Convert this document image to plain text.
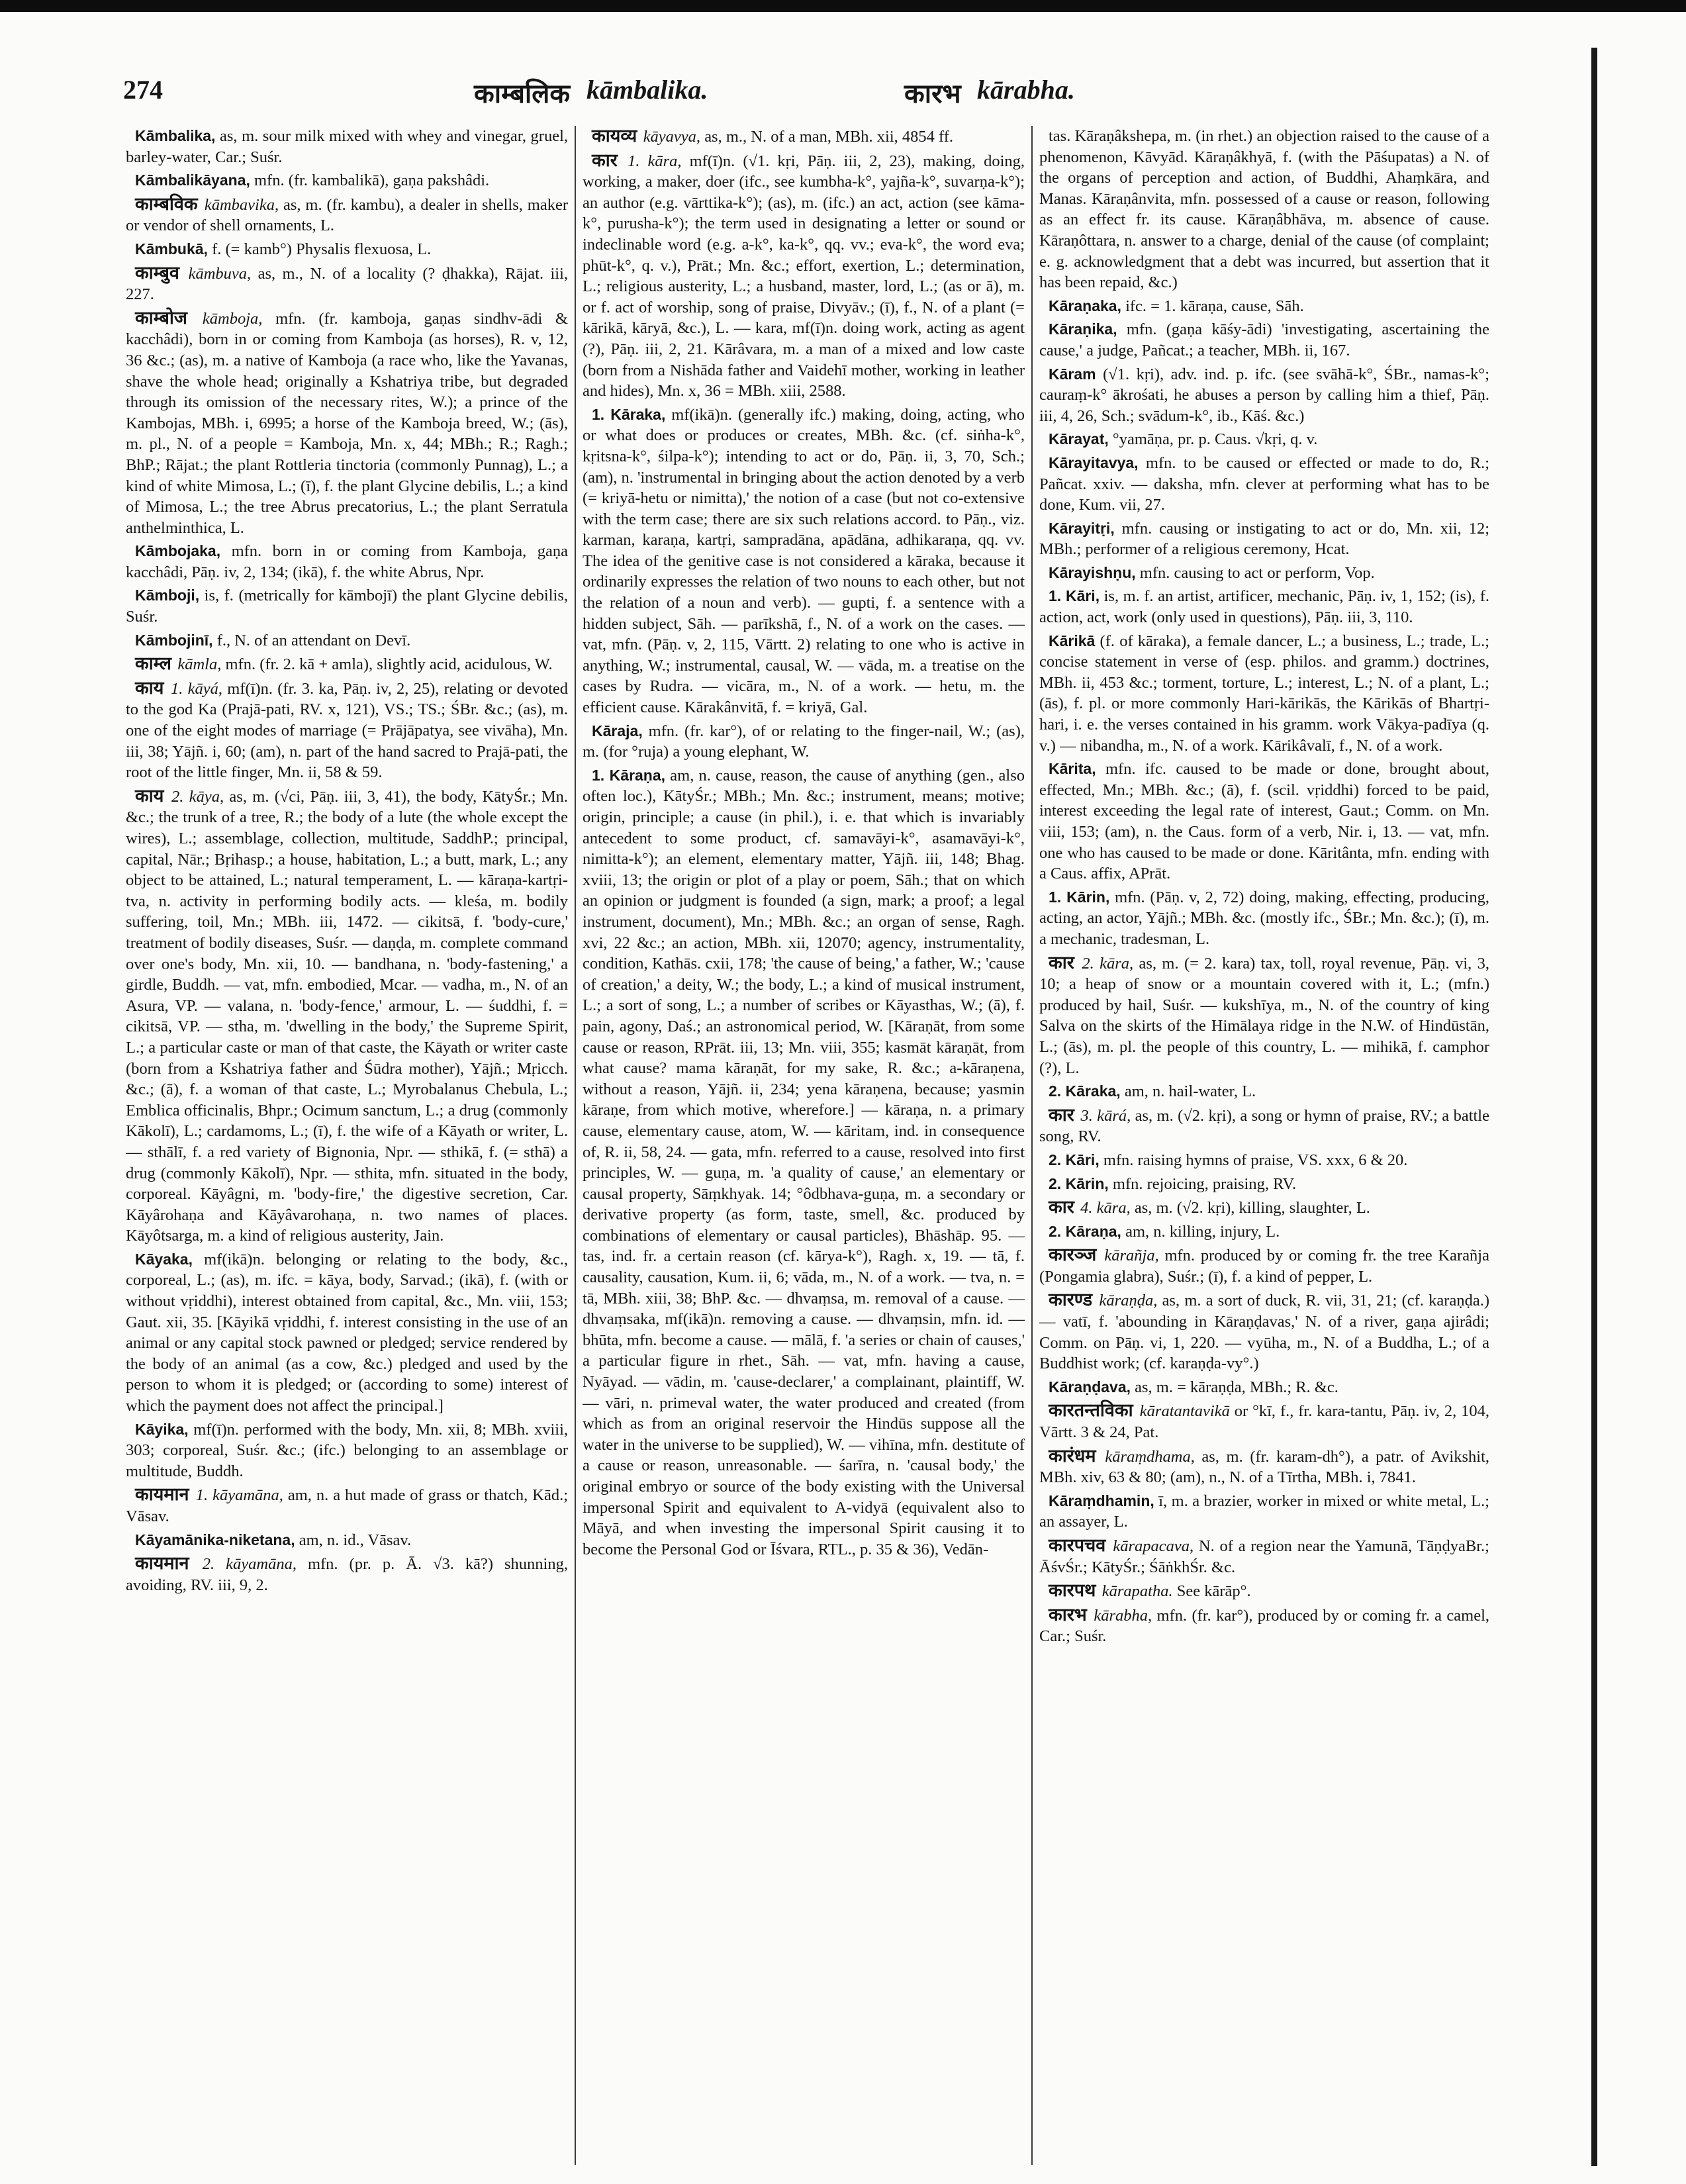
274	काम्बलिक kāmbalika.	कारभ kārabha.

Kāmbalika, as, m. sour milk mixed with whey and vinegar, gruel, barley-water, Car.; Suśr.

Kāmbalikāyana, mfn. (fr. kambalikā), gaṇa pakshâdi.

काम्बविक kāmbavika, as, m. (fr. kambu), a dealer in shells, maker or vendor of shell ornaments, L.

Kāmbukā, f. (= kamb°) Physalis flexuosa, L.

काम्बुव kāmbuva, as, m., N. of a locality (? ḍhakka), Rājat. iii, 227.

काम्बोज kāmboja, mfn. (fr. kamboja, gaṇas sindhv-ādi & kacchâdi), born in or coming from Kamboja (as horses), R. v, 12, 36 &c.; (as), m. a native of Kamboja (a race who, like the Yavanas, shave the whole head; originally a Kshatriya tribe, but degraded through its omission of the necessary rites, W.); a prince of the Kambojas, MBh. i, 6995; a horse of the Kamboja breed, W.; (ās), m. pl., N. of a people = Kamboja, Mn. x, 44; MBh.; R.; Ragh.; BhP.; Rājat.; the plant Rottleria tinctoria (commonly Punnag), L.; a kind of white Mimosa, L.; (ī), f. the plant Glycine debilis, L.; a kind of Mimosa, L.; the tree Abrus precatorius, L.; the plant Serratula anthelminthica, L.

Kāmbojaka, mfn. born in or coming from Kamboja, gaṇa kacchâdi, Pāṇ. iv, 2, 134; (ikā), f. the white Abrus, Npr.

Kāmboji, is, f. (metrically for kāmbojī) the plant Glycine debilis, Suśr.

Kāmbojinī, f., N. of an attendant on Devī.

काम्ल kāmla, mfn. (fr. 2. kā + amla), slightly acid, acidulous, W.

काय 1. kāyá, mf(ī)n. (fr. 3. ka, Pāṇ. iv, 2, 25), relating or devoted to the god Ka (Prajā-pati, RV. x, 121), VS.; TS.; ŚBr. &c.; (as), m. one of the eight modes of marriage (= Prājāpatya, see vivāha), Mn. iii, 38; Yājñ. i, 60; (am), n. part of the hand sacred to Prajā-pati, the root of the little finger, Mn. ii, 58 & 59.

काय 2. kāya, as, m. (√ci, Pāṇ. iii, 3, 41), the body, KātyŚr.; Mn. &c.; the trunk of a tree, R.; the body of a lute (the whole except the wires), L.; assemblage, collection, multitude, SaddhP.; principal, capital, Nār.; Bṛihasp.; a house, habitation, L.; a butt, mark, L.; any object to be attained, L.; natural temperament, L. — kāraṇa-kartṛi-tva, n. activity in performing bodily acts. — kleśa, m. bodily suffering, toil, Mn.; MBh. iii, 1472. — cikitsā, f. 'body-cure,' treatment of bodily diseases, Suśr. — daṇḍa, m. complete command over one's body, Mn. xii, 10. — bandhana, n. 'body-fastening,' a girdle, Buddh. — vat, mfn. embodied, Mcar. — vadha, m., N. of an Asura, VP. — valana, n. 'body-fence,' armour, L. — śuddhi, f. = cikitsā, VP. — stha, m. 'dwelling in the body,' the Supreme Spirit, L.; a particular caste or man of that caste, the Kāyath or writer caste (born from a Kshatriya father and Śūdra mother), Yājñ.; Mṛicch. &c.; (ā), f. a woman of that caste, L.; Myrobalanus Chebula, L.; Emblica officinalis, Bhpr.; Ocimum sanctum, L.; a drug (commonly Kākolī), L.; cardamoms, L.; (ī), f. the wife of a Kāyath or writer, L. — sthālī, f. a red variety of Bignonia, Npr. — sthikā, f. (= sthā) a drug (commonly Kākolī), Npr. — sthita, mfn. situated in the body, corporeal. Kāyâgni, m. 'body-fire,' the digestive secretion, Car. Kāyârohaṇa and Kāyâvarohaṇa, n. two names of places. Kāyôtsarga, m. a kind of religious austerity, Jain.

Kāyaka, mf(ikā)n. belonging or relating to the body, &c., corporeal, L.; (as), m. ifc. = kāya, body, Sarvad.; (ikā), f. (with or without vṛiddhi), interest obtained from capital, &c., Mn. viii, 153; Gaut. xii, 35. [Kāyikā vṛiddhi, f. interest consisting in the use of an animal or any capital stock pawned or pledged; service rendered by the body of an animal (as a cow, &c.) pledged and used by the person to whom it is pledged; or (according to some) interest of which the payment does not affect the principal.]

Kāyika, mf(ī)n. performed with the body, Mn. xii, 8; MBh. xviii, 303; corporeal, Suśr. &c.; (ifc.) belonging to an assemblage or multitude, Buddh.

कायमान 1. kāyamāna, am, n. a hut made of grass or thatch, Kād.; Vāsav.

Kāyamānika-niketana, am, n. id., Vāsav.

कायमान 2. kāyamāna, mfn. (pr. p. Ā. √3. kā?) shunning, avoiding, RV. iii, 9, 2.

कायव्य kāyavya, as, m., N. of a man, MBh. xii, 4854 ff.

कार 1. kāra, mf(ī)n. (√1. kṛi, Pāṇ. iii, 2, 23), making, doing, working, a maker, doer (ifc., see kumbha-k°, yajña-k°, suvarṇa-k°); an author (e.g. vārttika-k°); (as), m. (ifc.) an act, action (see kāma-k°, purusha-k°); the term used in designating a letter or sound or indeclinable word (e.g. a-k°, ka-k°, qq. vv.; eva-k°, the word eva; phūt-k°, q. v.), Prāt.; Mn. &c.; effort, exertion, L.; determination, L.; religious austerity, L.; a husband, master, lord, L.; (as or ā), m. or f. act of worship, song of praise, Divyāv.; (ī), f., N. of a plant (= kārikā, kāryā, &c.), L. — kara, mf(ī)n. doing work, acting as agent (?), Pāṇ. iii, 2, 21. Kārâvara, m. a man of a mixed and low caste (born from a Nishāda father and Vaidehī mother, working in leather and hides), Mn. x, 36 = MBh. xiii, 2588.

1. Kāraka, mf(ikā)n. (generally ifc.) making, doing, acting, who or what does or produces or creates, MBh. &c. (cf. siṅha-k°, kṛitsna-k°, śilpa-k°); intending to act or do, Pāṇ. ii, 3, 70, Sch.; (am), n. 'instrumental in bringing about the action denoted by a verb (= kriyā-hetu or nimitta),' the notion of a case (but not co-extensive with the term case; there are six such relations accord. to Pāṇ., viz. karman, karaṇa, kartṛi, sampradāna, apādāna, adhikaraṇa, qq. vv. The idea of the genitive case is not considered a kāraka, because it ordinarily expresses the relation of two nouns to each other, but not the relation of a noun and verb). — gupti, f. a sentence with a hidden subject, Sāh. — parīkshā, f., N. of a work on the cases. — vat, mfn. (Pāṇ. v, 2, 115, Vārtt. 2) relating to one who is active in anything, W.; instrumental, causal, W. — vāda, m. a treatise on the cases by Rudra. — vicāra, m., N. of a work. — hetu, m. the efficient cause. Kārakânvitā, f. = kriyā, Gal.

Kāraja, mfn. (fr. kar°), of or relating to the finger-nail, W.; (as), m. (for °ruja) a young elephant, W.

1. Kāraṇa, am, n. cause, reason, the cause of anything (gen., also often loc.), KātyŚr.; MBh.; Mn. &c.; instrument, means; motive; origin, principle; a cause (in phil.), i. e. that which is invariably antecedent to some product, cf. samavāyi-k°, asamavāyi-k°, nimitta-k°); an element, elementary matter, Yājñ. iii, 148; Bhag. xviii, 13; the origin or plot of a play or poem, Sāh.; that on which an opinion or judgment is founded (a sign, mark; a proof; a legal instrument, document), Mn.; MBh. &c.; an organ of sense, Ragh. xvi, 22 &c.; an action, MBh. xii, 12070; agency, instrumentality, condition, Kathās. cxii, 178; 'the cause of being,' a father, W.; 'cause of creation,' a deity, W.; the body, L.; a kind of musical instrument, L.; a sort of song, L.; a number of scribes or Kāyasthas, W.; (ā), f. pain, agony, Daś.; an astronomical period, W. [Kāraṇāt, from some cause or reason, RPrāt. iii, 13; Mn. viii, 355; kasmāt kāraṇāt, from what cause? mama kāraṇāt, for my sake, R. &c.; a-kāraṇena, without a reason, Yājñ. ii, 234; yena kāraṇena, because; yasmin kāraṇe, from which motive, wherefore.] — kāraṇa, n. a primary cause, elementary cause, atom, W. — kāritam, ind. in consequence of, R. ii, 58, 24. — gata, mfn. referred to a cause, resolved into first principles, W. — guṇa, m. 'a quality of cause,' an elementary or causal property, Sāṃkhyak. 14; °ôdbhava-guṇa, m. a secondary or derivative property (as form, taste, smell, &c. produced by combinations of elementary or causal particles), Bhāshāp. 95. — tas, ind. fr. a certain reason (cf. kārya-k°), Ragh. x, 19. — tā, f. causality, causation, Kum. ii, 6; vāda, m., N. of a work. — tva, n. = tā, MBh. xiii, 38; BhP. &c. — dhvaṃsa, m. removal of a cause. — dhvaṃsaka, mf(ikā)n. removing a cause. — dhvaṃsin, mfn. id. — bhūta, mfn. become a cause. — mālā, f. 'a series or chain of causes,' a particular figure in rhet., Sāh. — vat, mfn. having a cause, Nyāyad. — vādin, m. 'cause-declarer,' a complainant, plaintiff, W. — vāri, n. primeval water, the water produced and created (from which as from an original reservoir the Hindūs suppose all the water in the universe to be supplied), W. — vihīna, mfn. destitute of a cause or reason, unreasonable. — śarīra, n. 'causal body,' the original embryo or source of the body existing with the Universal impersonal Spirit and equivalent to A-vidyā (equivalent also to Māyā, and when investing the impersonal Spirit causing it to become the Personal God or Īśvara, RTL., p. 35 & 36), Vedān-

tas. Kāraṇâkshepa, m. (in rhet.) an objection raised to the cause of a phenomenon, Kāvyād. Kāraṇâkhyā, f. (with the Pāśupatas) a N. of the organs of perception and action, of Buddhi, Ahaṃkāra, and Manas. Kāraṇânvita, mfn. possessed of a cause or reason, following as an effect fr. its cause. Kāraṇâbhāva, m. absence of cause. Kāraṇôttara, n. answer to a charge, denial of the cause (of complaint; e. g. acknowledgment that a debt was incurred, but assertion that it has been repaid, &c.)

Kāraṇaka, ifc. = 1. kāraṇa, cause, Sāh.

Kāraṇika, mfn. (gaṇa kāśy-ādi) 'investigating, ascertaining the cause,' a judge, Pañcat.; a teacher, MBh. ii, 167.

Kāram (√1. kṛi), adv. ind. p. ifc. (see svāhā-k°, ŚBr., namas-k°; cauraṃ-k° ākrośati, he abuses a person by calling him a thief, Pāṇ. iii, 4, 26, Sch.; svādum-k°, ib., Kāś. &c.)

Kārayat, °yamāṇa, pr. p. Caus. √kṛi, q. v.

Kārayitavya, mfn. to be caused or effected or made to do, R.; Pañcat. xxiv. — daksha, mfn. clever at performing what has to be done, Kum. vii, 27.

Kārayitṛi, mfn. causing or instigating to act or do, Mn. xii, 12; MBh.; performer of a religious ceremony, Hcat.

Kārayishṇu, mfn. causing to act or perform, Vop.

1. Kāri, is, m. f. an artist, artificer, mechanic, Pāṇ. iv, 1, 152; (is), f. action, act, work (only used in questions), Pāṇ. iii, 3, 110.

Kārikā (f. of kāraka), a female dancer, L.; a business, L.; trade, L.; concise statement in verse of (esp. philos. and gramm.) doctrines, MBh. ii, 453 &c.; torment, torture, L.; interest, L.; N. of a plant, L.; (ās), f. pl. or more commonly Hari-kārikās, the Kārikās of Bhartṛi-hari, i. e. the verses contained in his gramm. work Vākya-padīya (q. v.) — nibandha, m., N. of a work. Kārikâvalī, f., N. of a work.

Kārita, mfn. ifc. caused to be made or done, brought about, effected, Mn.; MBh. &c.; (ā), f. (scil. vṛiddhi) forced to be paid, interest exceeding the legal rate of interest, Gaut.; Comm. on Mn. viii, 153; (am), n. the Caus. form of a verb, Nir. i, 13. — vat, mfn. one who has caused to be made or done. Kāritânta, mfn. ending with a Caus. affix, APrāt.

1. Kārin, mfn. (Pāṇ. v, 2, 72) doing, making, effecting, producing, acting, an actor, Yājñ.; MBh. &c. (mostly ifc., ŚBr.; Mn. &c.); (ī), m. a mechanic, tradesman, L.

कार 2. kāra, as, m. (= 2. kara) tax, toll, royal revenue, Pāṇ. vi, 3, 10; a heap of snow or a mountain covered with it, L.; (mfn.) produced by hail, Suśr. — kukshīya, m., N. of the country of king Salva on the skirts of the Himālaya ridge in the N.W. of Hindūstān, L.; (ās), m. pl. the people of this country, L. — mihikā, f. camphor (?), L.

2. Kāraka, am, n. hail-water, L.

कार 3. kārá, as, m. (√2. kṛi), a song or hymn of praise, RV.; a battle song, RV.

2. Kāri, mfn. raising hymns of praise, VS. xxx, 6 & 20.

2. Kārin, mfn. rejoicing, praising, RV.

कार 4. kāra, as, m. (√2. kṛi), killing, slaughter, L.

2. Kāraṇa, am, n. killing, injury, L.

कारञ्ज kārañja, mfn. produced by or coming fr. the tree Karañja (Pongamia glabra), Suśr.; (ī), f. a kind of pepper, L.

कारण्ड kāraṇḍa, as, m. a sort of duck, R. vii, 31, 21; (cf. karaṇḍa.) — vatī, f. 'abounding in Kāraṇḍavas,' N. of a river, gaṇa ajirâdi; Comm. on Pāṇ. vi, 1, 220. — vyūha, m., N. of a Buddha, L.; of a Buddhist work; (cf. karaṇḍa-vy°.)

Kāraṇḍava, as, m. = kāraṇḍa, MBh.; R. &c.

कारतन्तविका kāratantavikā or °kī, f., fr. kara-tantu, Pāṇ. iv, 2, 104, Vārtt. 3 & 24, Pat.

कारंधम kāraṃdhama, as, m. (fr. karam-dh°), a patr. of Avikshit, MBh. xiv, 63 & 80; (am), n., N. of a Tīrtha, MBh. i, 7841.

Kāraṃdhamin, ī, m. a brazier, worker in mixed or white metal, L.; an assayer, L.

कारपचव kārapacava, N. of a region near the Yamunā, TāṇḍyaBr.; ĀśvŚr.; KātyŚr.; ŚāṅkhŚr. &c.

कारपथ kārapatha. See kārāp°.

कारभ kārabha, mfn. (fr. kar°), produced by or coming fr. a camel, Car.; Suśr.
